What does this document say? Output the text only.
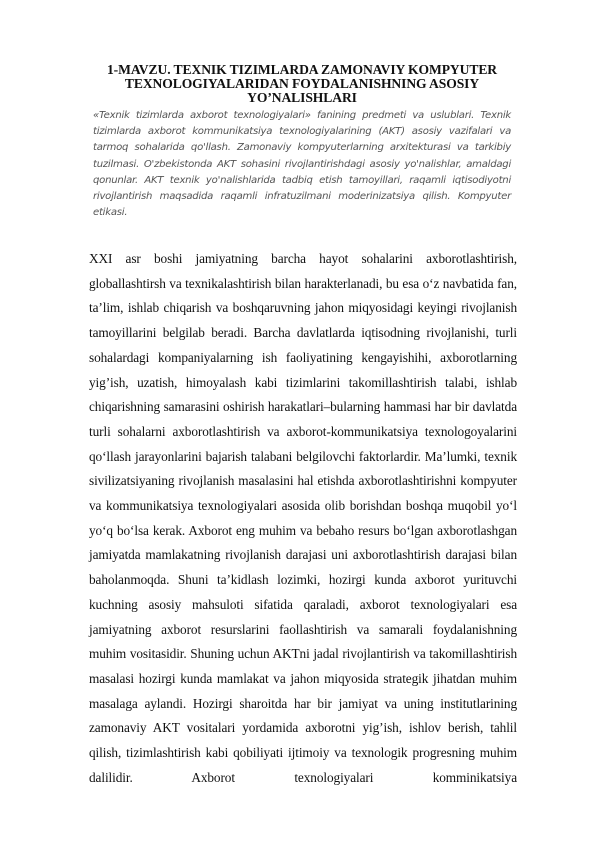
1-MAVZU. TEXNIK TIZIMLARDA ZAMONAVIY KOMPYUTER TEXNOLOGIYALARIDAN FOYDALANISHNING ASOSIY YO’NALISHLARI

«Texnik tizimlarda axborot texnologiyalari» fanining predmeti va uslublari. Texnik tizimlarda axborot kommunikatsiya texnologiyalarining (AKT) asosiy vazifalari va tarmoq sohalarida qo'llash. Zamonaviy kompyuterlarning arxitekturasi va tarkibiy tuzilmasi. O'zbekistonda AKT sohasini rivojlantirishdagi asosiy yo'nalishlar, amaldagi qonunlar. AKT texnik yo'nalishlarida tadbiq etish tamoyillari, raqamli iqtisodiyotni rivojlantirish maqsadida raqamli infratuzilmani moderinizatsiya qilish. Kompyuter etikasi.

XXI asr boshi jamiyatning barcha hayot sohalarini axborotlashtirish, globallashtirsh va texnikalashtirish bilan harakterlanadi, bu esa o‘z navbatida fan, ta’lim, ishlab chiqarish va boshqaruvning jahon miqyosidagi keyingi rivojlanish tamoyillarini belgilab beradi. Barcha davlatlarda iqtisodning rivojlanishi, turli sohalardagi kompaniyalarning ish faoliyatining kengayishihi, axborotlarning yig’ish, uzatish, himoyalash kabi tizimlarini takomillashtirish talabi, ishlab chiqarishning samarasini oshirish harakatlari–bularning hammasi har bir davlatda turli sohalarni axborotlashtirish va axborot-kommunikatsiya texnologoyalarini qo‘llash jarayonlarini bajarish talabani belgilovchi faktorlardir. Ma’lumki, texnik sivilizatsiyaning rivojlanish masalasini hal etishda axborotlashtirishni kompyuter va kommunikatsiya texnologiyalari asosida olib borishdan boshqa muqobil yo‘l yo‘q bo‘lsa kerak. Axborot eng muhim va bebaho resurs bo‘lgan axborotlashgan jamiyatda mamlakatning rivojlanish darajasi uni axborotlashtirish darajasi bilan baholanmoqda. Shuni ta’kidlash lozimki, hozirgi kunda axborot yurituvchi kuchning asosiy mahsuloti sifatida qaraladi, axborot texnologiyalari esa jamiyatning axborot resurslarini faollashtirish va samarali foydalanishning muhim vositasidir. Shuning uchun AKTni jadal rivojlantirish va takomillashtirish masalasi hozirgi kunda mamlakat va jahon miqyosida strategik jihatdan muhim masalaga aylandi. Hozirgi sharoitda har bir jamiyat va uning institutlarining zamonaviy AKT vositalari yordamida axborotni yig’ish, ishlov berish, tahlil qilish, tizimlashtirish kabi qobiliyati ijtimoiy va texnologik progresning muhim dalilidir. Axborot texnologiyalari komminikatsiya
